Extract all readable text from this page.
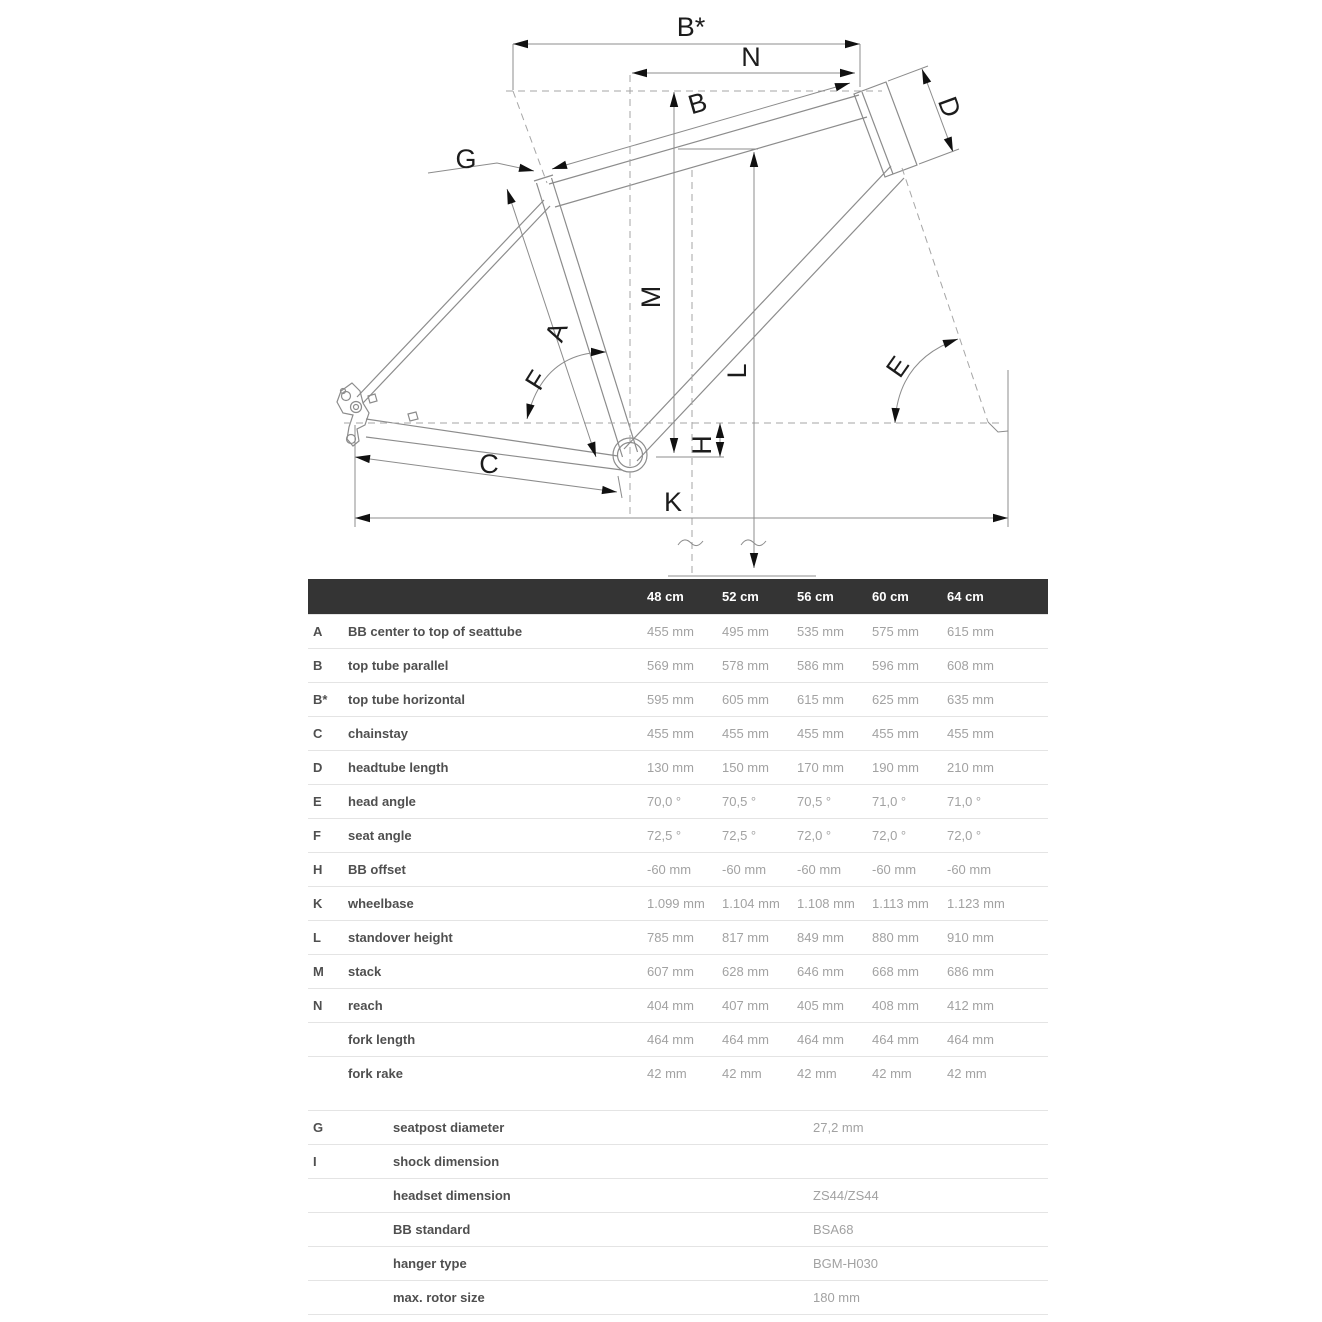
B*
N
B	D
G
A
F
M
L	E
H
C
K
48 cm	52 cm	56 cm	60 cm	64 cm
A	BB center to top of seattube	455 mm	495 mm	535 mm	575 mm	615 mm
B	top tube parallel	569 mm	578 mm	586 mm	596 mm	608 mm
B*	top tube horizontal	595 mm	605 mm	615 mm	625 mm	635 mm
C	chainstay	455 mm	455 mm	455 mm	455 mm	455 mm
D	headtube length	130 mm	150 mm	170 mm	190 mm	210 mm
E	head angle	70,0 °	70,5 °	70,5 °	71,0 °	71,0 °
F	seat angle	72,5 °	72,5 °	72,0 °	72,0 °	72,0 °
H	BB offset	-60 mm	-60 mm	-60 mm	-60 mm	-60 mm
K	wheelbase	1.099 mm	1.104 mm	1.108 mm	1.113 mm	1.123 mm
L	standover height	785 mm	817 mm	849 mm	880 mm	910 mm
M	stack	607 mm	628 mm	646 mm	668 mm	686 mm
N	reach	404 mm	407 mm	405 mm	408 mm	412 mm
fork length	464 mm	464 mm	464 mm	464 mm	464 mm
fork rake	42 mm	42 mm	42 mm	42 mm	42 mm
G	seatpost diameter	27,2 mm
I	shock dimension
headset dimension	ZS44/ZS44
BB standard	BSA68
hanger type	BGM-H030
max. rotor size	180 mm
